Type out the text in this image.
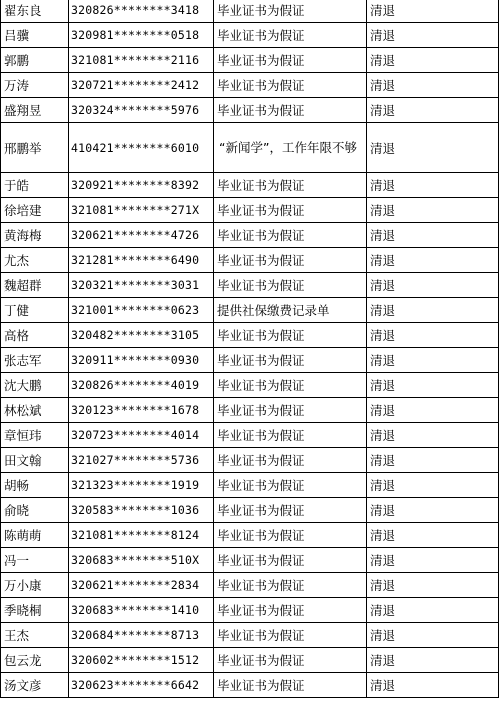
翟东良	320826********3418	毕业证书为假证	清退
吕骥	320981********0518	毕业证书为假证	清退
郭鹏	321081********2116	毕业证书为假证	清退
万涛	320721********2412	毕业证书为假证	清退
盛翔昱	320324********5976	毕业证书为假证	清退
邢鹏举	410421********6010	“新闻学”，工作年限不够	清退
于皓	320921********8392	毕业证书为假证	清退
徐培建	321081********271X	毕业证书为假证	清退
黄海梅	320621********4726	毕业证书为假证	清退
尤杰	321281********6490	毕业证书为假证	清退
魏超群	320321********3031	毕业证书为假证	清退
丁健	321001********0623	提供社保缴费记录单	清退
高格	320482********3105	毕业证书为假证	清退
张志军	320911********0930	毕业证书为假证	清退
沈大鹏	320826********4019	毕业证书为假证	清退
林松斌	320123********1678	毕业证书为假证	清退
章恒玮	320723********4014	毕业证书为假证	清退
田文翰	321027********5736	毕业证书为假证	清退
胡畅	321323********1919	毕业证书为假证	清退
俞晓	320583********1036	毕业证书为假证	清退
陈萌萌	321081********8124	毕业证书为假证	清退
冯一	320683********510X	毕业证书为假证	清退
万小康	320621********2834	毕业证书为假证	清退
季晓桐	320683********1410	毕业证书为假证	清退
王杰	320684********8713	毕业证书为假证	清退
包云龙	320602********1512	毕业证书为假证	清退
汤文彦	320623********6642	毕业证书为假证	清退
